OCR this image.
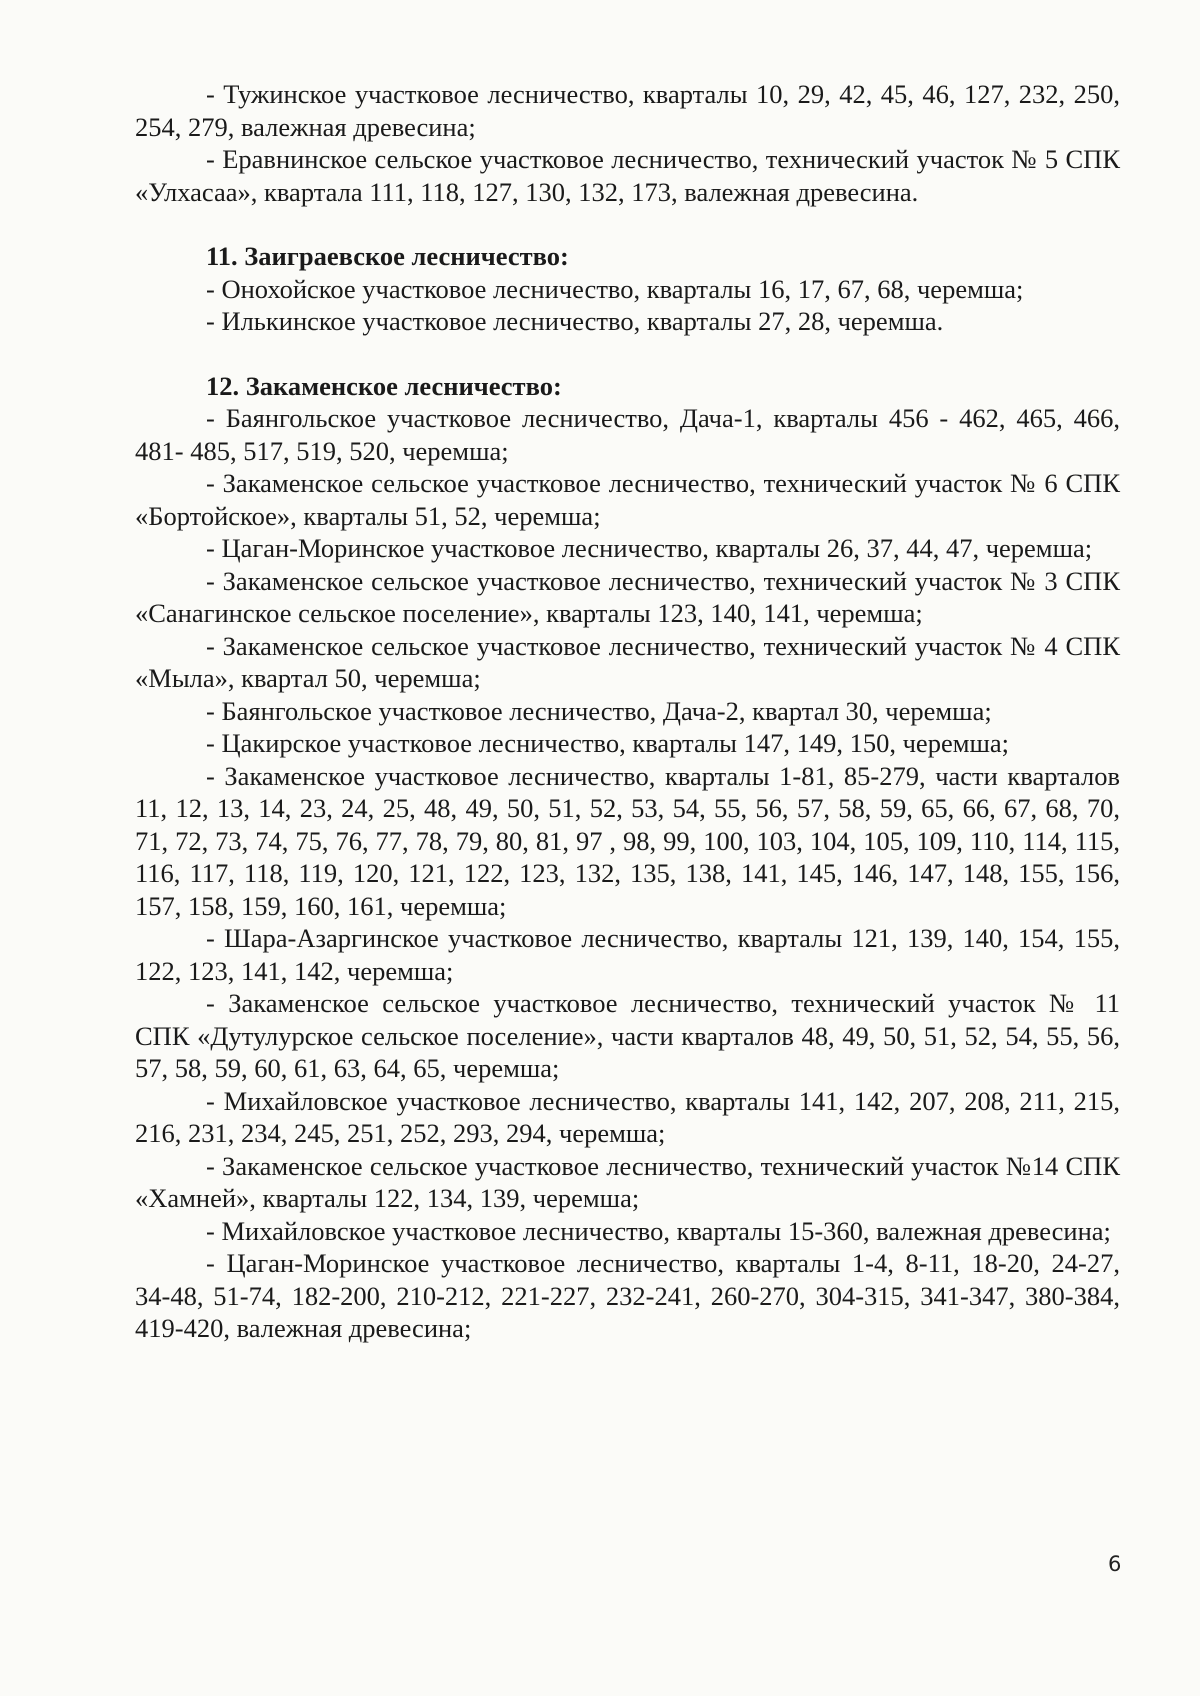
- Тужинское участковое лесничество, кварталы 10, 29, 42, 45, 46, 127, 232, 250, 254, 279, валежная древесина;

- Еравнинское сельское участковое лесничество, технический участок № 5 СПК «Улхасаа», квартала 111, 118, 127, 130, 132, 173, валежная древесина.

11. Заиграевское лесничество:

- Онохойское участковое лесничество, кварталы 16, 17, 67, 68, черемша;

- Илькинское участковое лесничество, кварталы 27, 28, черемша.

12. Закаменское лесничество:

- Баянгольское участковое лесничество, Дача-1, кварталы 456 - 462, 465, 466, 481- 485, 517, 519, 520, черемша;

- Закаменское сельское участковое лесничество, технический участок № 6 СПК «Бортойское», кварталы 51, 52, черемша;

- Цаган-Моринское участковое лесничество, кварталы 26, 37, 44, 47, черемша;

- Закаменское сельское участковое лесничество, технический участок № 3 СПК «Санагинское сельское поселение», кварталы 123, 140, 141, черемша;

- Закаменское сельское участковое лесничество, технический участок № 4 СПК «Мыла», квартал 50, черемша;

- Баянгольское участковое лесничество, Дача-2, квартал 30, черемша;

- Цакирское участковое лесничество, кварталы 147, 149, 150, черемша;

- Закаменское участковое лесничество, кварталы 1-81, 85-279, части кварталов 11, 12, 13, 14, 23, 24, 25, 48, 49, 50, 51, 52, 53, 54, 55, 56, 57, 58, 59, 65, 66, 67, 68, 70, 71, 72, 73, 74, 75, 76, 77, 78, 79, 80, 81, 97 , 98, 99, 100, 103, 104, 105, 109, 110, 114, 115, 116, 117, 118, 119, 120, 121, 122, 123, 132, 135, 138, 141, 145, 146, 147, 148, 155, 156, 157, 158, 159, 160, 161, черемша;

- Шара-Азаргинское участковое лесничество, кварталы 121, 139, 140, 154, 155, 122, 123, 141, 142, черемша;

- Закаменское сельское участковое лесничество, технический участок № 11 СПК «Дутулурское сельское поселение», части кварталов 48, 49, 50, 51, 52, 54, 55, 56, 57, 58, 59, 60, 61, 63, 64, 65, черемша;

- Михайловское участковое лесничество, кварталы 141, 142, 207, 208, 211, 215, 216, 231, 234, 245, 251, 252, 293, 294, черемша;

- Закаменское сельское участковое лесничество, технический участок №14 СПК «Хамней», кварталы 122, 134, 139, черемша;

- Михайловское участковое лесничество, кварталы 15-360, валежная древесина;

- Цаган-Моринское участковое лесничество, кварталы 1-4, 8-11, 18-20, 24-27, 34-48, 51-74, 182-200, 210-212, 221-227, 232-241, 260-270, 304-315, 341-347, 380-384, 419-420, валежная древесина;

6
